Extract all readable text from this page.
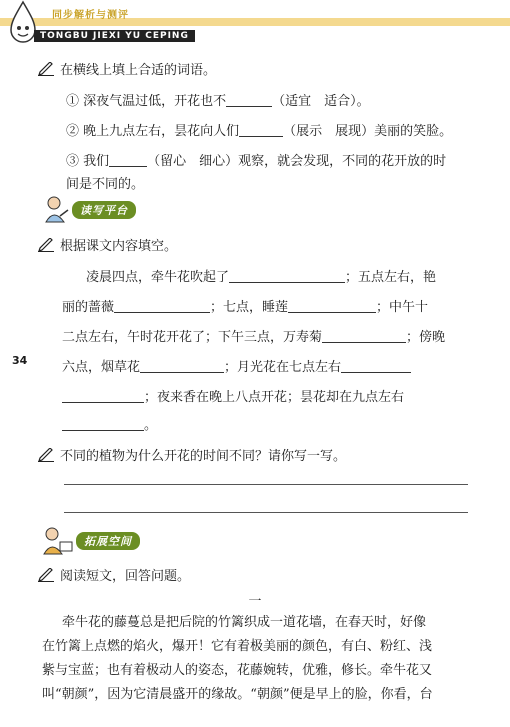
同步解析与测评
TONGBU JIEXI YU CEPING
34
在横线上填上合适的词语。
① 深夜气温过低，开花也不	（适宜　适合）。
② 晚上九点左右，昙花向人们	（展示　展现）美丽的笑脸。
③ 我们	（留心　细心）观察，就会发现，不同的花开放的时
间是不同的。
读写平台
根据课文内容填空。
凌晨四点，牵牛花吹起了	；五点左右，艳
丽的蔷薇	；七点，睡莲	；中午十
二点左右，午时花开花了；下午三点，万寿菊	；傍晚
六点，烟草花	；月光花在七点左右
；夜来香在晚上八点开花；昙花却在九点左右
。
不同的植物为什么开花的时间不同？请你写一写。
拓展空间
阅读短文，回答问题。
一
牵牛花的藤蔓总是把后院的竹篱织成一道花墙，在春天时，好像
在竹篱上点燃的焰火，爆开！它有着极美丽的颜色，有白、粉红、浅
紫与宝蓝；也有着极动人的姿态，花藤婉转，优雅，修长。牵牛花又
叫“朝颜”，因为它清晨盛开的缘故。“朝颜”便是早上的脸，你看，台
